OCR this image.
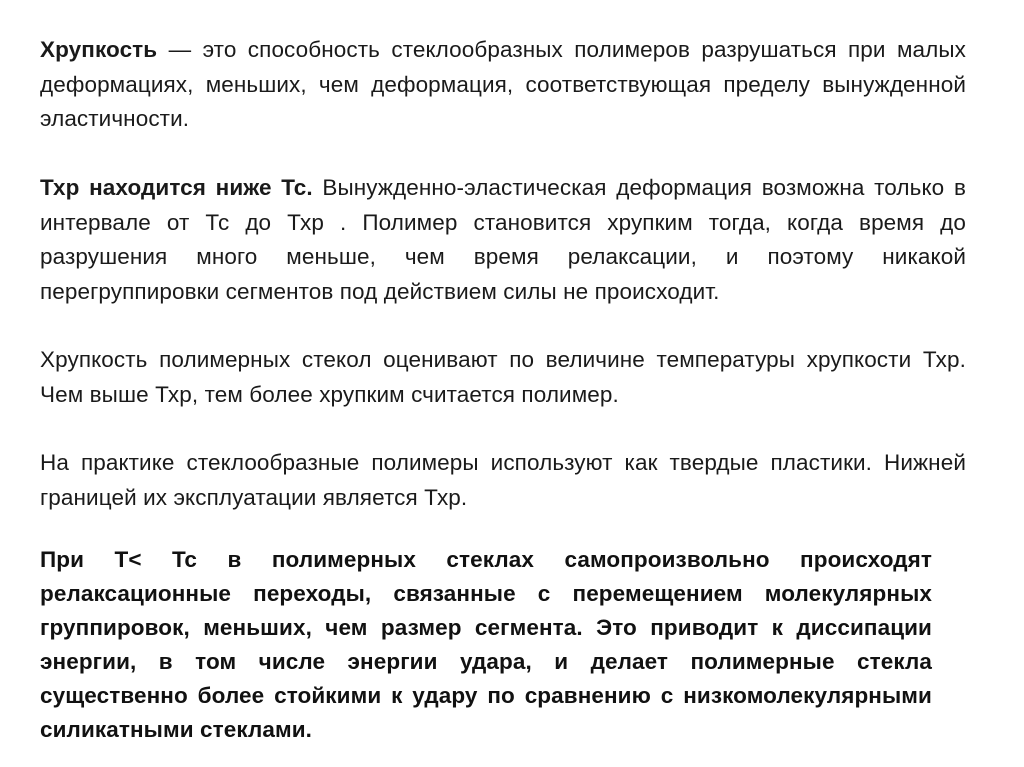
Хрупкость — это способность стеклообразных полимеров разрушаться при малых деформациях, меньших, чем деформация, соответствующая пределу вынужденной эластичности.

Тхр находится ниже Тс. Вынужденно-эластическая деформация возможна только в интервале от Тс до Тхр . Полимер становится хрупким тогда, когда время до разрушения много меньше, чем время релаксации, и поэтому никакой перегруппировки сегментов под действием силы не происходит.

Хрупкость полимерных стекол оценивают по величине температуры хрупкости Тхр. Чем выше Тхр, тем более хрупким считается полимер.

На практике стеклообразные полимеры используют как твердые пластики. Нижней границей их эксплуатации является Тхр.

При Т< Тс в полимерных стеклах самопроизвольно происходят релаксационные переходы, связанные с перемещением молекулярных группировок, меньших, чем размер сегмента. Это приводит к диссипации энергии, в том числе энергии удара, и делает полимерные стекла существенно более стойкими к удару по сравнению с низкомолекулярными силикатными стеклами.
